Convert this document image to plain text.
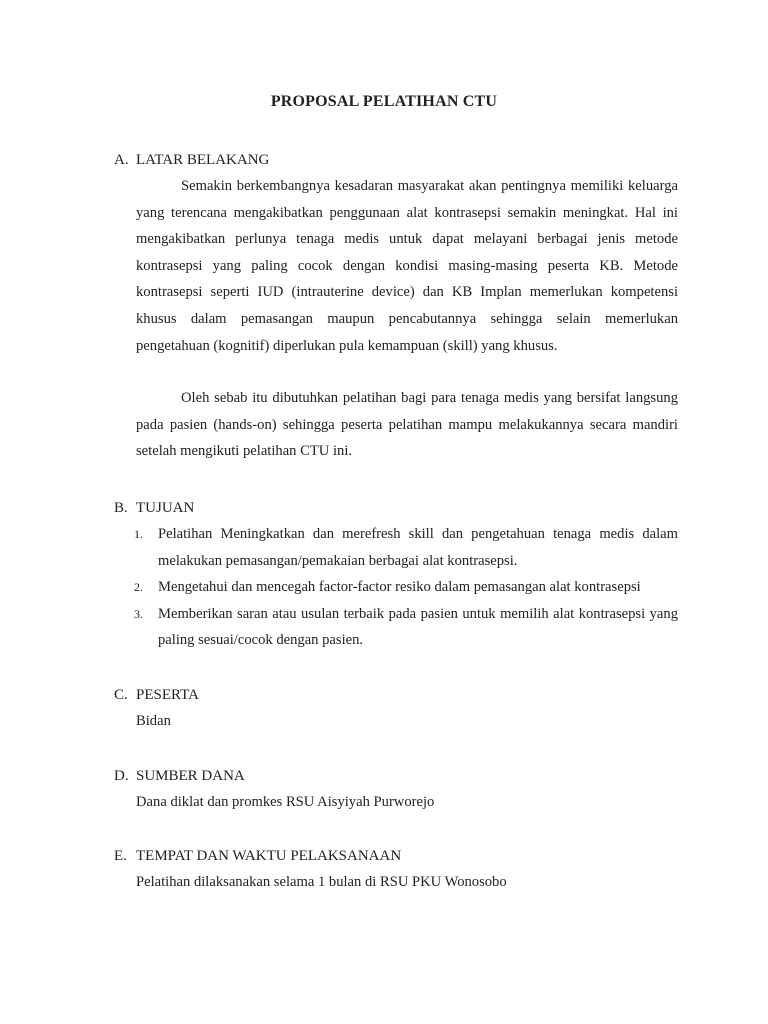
PROPOSAL PELATIHAN CTU
A. LATAR BELAKANG

Semakin berkembangnya kesadaran masyarakat akan pentingnya memiliki keluarga yang terencana mengakibatkan penggunaan alat kontrasepsi semakin meningkat. Hal ini mengakibatkan perlunya tenaga medis untuk dapat melayani berbagai jenis metode kontrasepsi yang paling cocok dengan kondisi masing-masing peserta KB. Metode kontrasepsi seperti IUD (intrauterine device) dan KB Implan memerlukan kompetensi khusus dalam pemasangan maupun pencabutannya sehingga selain memerlukan pengetahuan (kognitif) diperlukan pula kemampuan (skill) yang khusus.

Oleh sebab itu dibutuhkan pelatihan bagi para tenaga medis yang bersifat langsung pada pasien (hands-on) sehingga peserta pelatihan mampu melakukannya secara mandiri setelah mengikuti pelatihan CTU ini.

B. TUJUAN
1. Pelatihan Meningkatkan dan merefresh skill dan pengetahuan tenaga medis dalam melakukan pemasangan/pemakaian berbagai alat kontrasepsi.
2. Mengetahui dan mencegah factor-factor resiko dalam pemasangan alat kontrasepsi
3. Memberikan saran atau usulan terbaik pada pasien untuk memilih alat kontrasepsi yang paling sesuai/cocok dengan pasien.
C. PESERTA
Bidan
D. SUMBER DANA
Dana diklat dan promkes RSU Aisyiyah Purworejo
E. TEMPAT DAN WAKTU PELAKSANAAN
Pelatihan dilaksanakan selama 1 bulan di RSU PKU Wonosobo
